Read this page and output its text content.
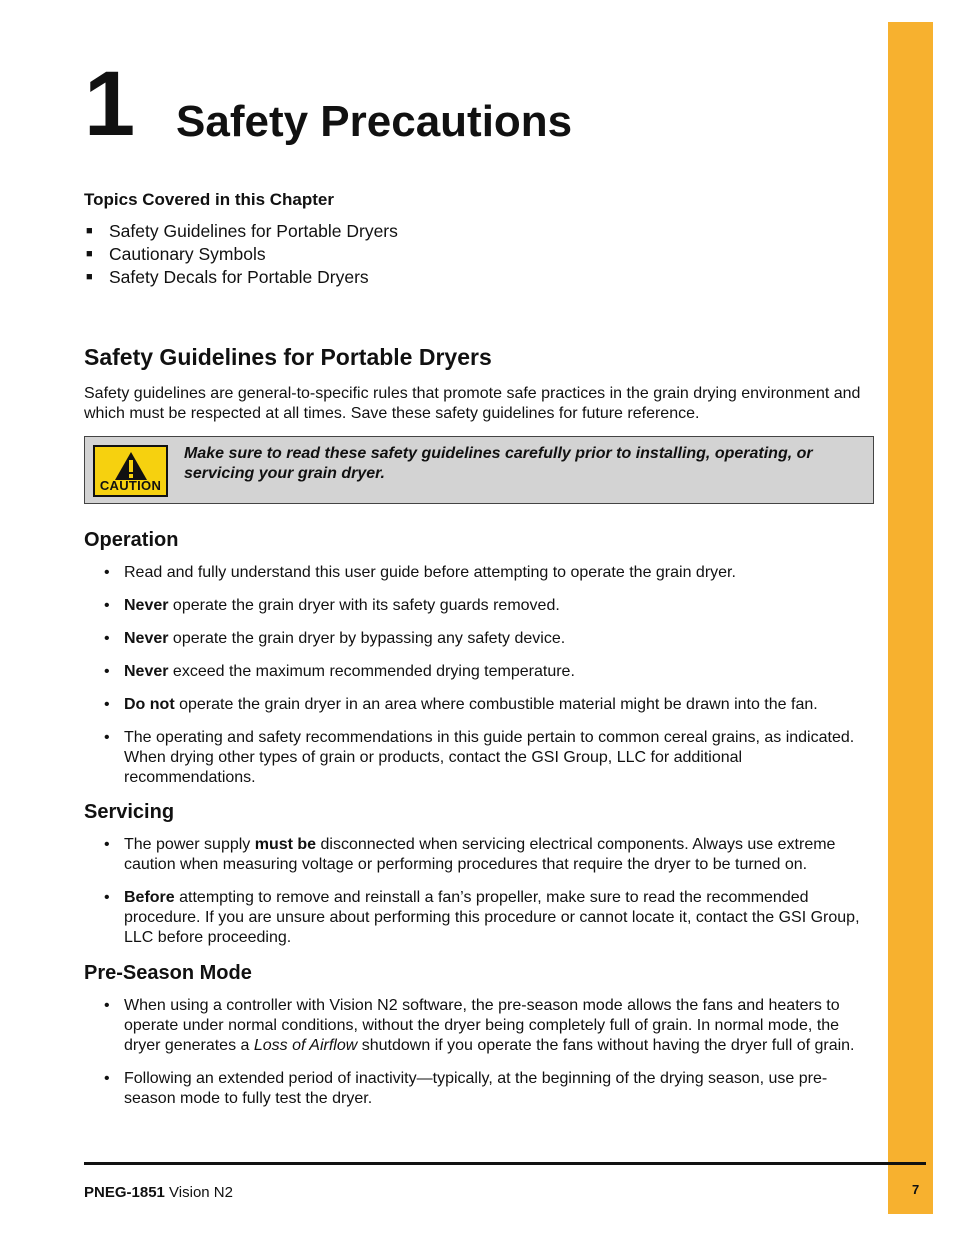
1 Safety Precautions
Topics Covered in this Chapter
■ Safety Guidelines for Portable Dryers
■ Cautionary Symbols
■ Safety Decals for Portable Dryers
Safety Guidelines for Portable Dryers
Safety guidelines are general-to-specific rules that promote safe practices in the grain drying environment and which must be respected at all times. Save these safety guidelines for future reference.
CAUTION
Make sure to read these safety guidelines carefully prior to installing, operating, or servicing your grain dryer.
Operation
• Read and fully understand this user guide before attempting to operate the grain dryer.
• Never operate the grain dryer with its safety guards removed.
• Never operate the grain dryer by bypassing any safety device.
• Never exceed the maximum recommended drying temperature.
• Do not operate the grain dryer in an area where combustible material might be drawn into the fan.
• The operating and safety recommendations in this guide pertain to common cereal grains, as indicated. When drying other types of grain or products, contact the GSI Group, LLC for additional recommendations.
Servicing
• The power supply must be disconnected when servicing electrical components. Always use extreme caution when measuring voltage or performing procedures that require the dryer to be turned on.
• Before attempting to remove and reinstall a fan’s propeller, make sure to read the recommended procedure. If you are unsure about performing this procedure or cannot locate it, contact the GSI Group, LLC before proceeding.
Pre-Season Mode
• When using a controller with Vision N2 software, the pre-season mode allows the fans and heaters to operate under normal conditions, without the dryer being completely full of grain. In normal mode, the dryer generates a Loss of Airflow shutdown if you operate the fans without having the dryer full of grain.
• Following an extended period of inactivity—typically, at the beginning of the drying season, use pre-season mode to fully test the dryer.
PNEG-1851 Vision N2	7
